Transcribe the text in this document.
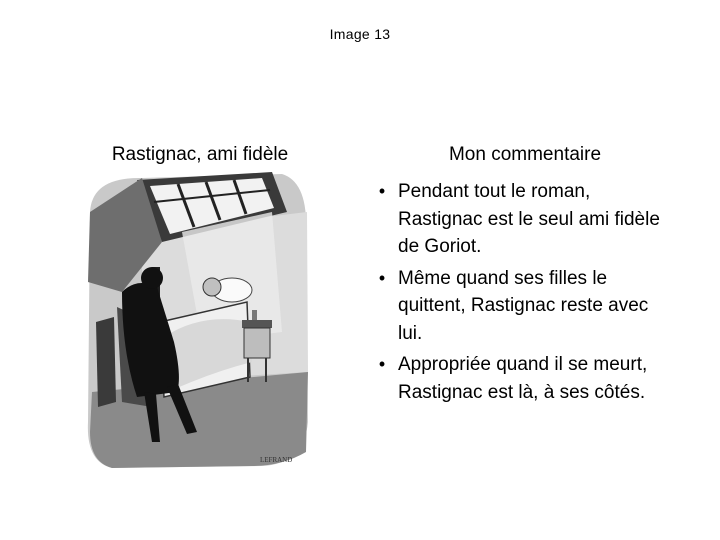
Image 13
Rastignac, ami fidèle
LEFRAND
Mon commentaire
• Pendant tout le roman, Rastignac est le seul ami fidèle de Goriot.
• Même quand ses filles le quittent, Rastignac reste avec lui.
• Appropriée quand il se meurt, Rastignac est là, à ses côtés.
